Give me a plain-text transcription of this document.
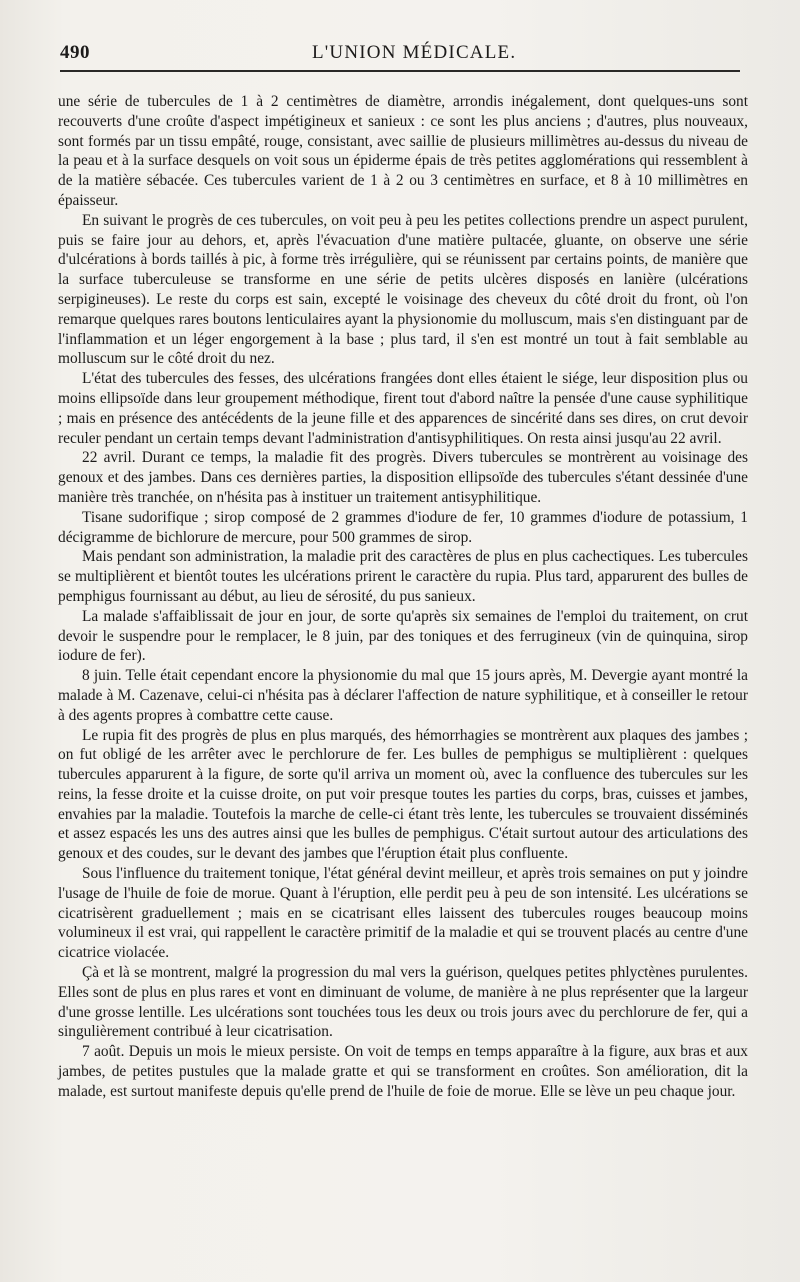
490	L'UNION MÉDICALE.

une série de tubercules de 1 à 2 centimètres de diamètre, arrondis inégalement, dont quelques-uns sont recouverts d'une croûte d'aspect impétigineux et sanieux : ce sont les plus anciens ; d'autres, plus nouveaux, sont formés par un tissu empâté, rouge, consistant, avec saillie de plusieurs millimètres au-dessus du niveau de la peau et à la surface desquels on voit sous un épiderme épais de très petites agglomérations qui ressemblent à de la matière sébacée. Ces tubercules varient de 1 à 2 ou 3 centimètres en surface, et 8 à 10 millimètres en épaisseur.

En suivant le progrès de ces tubercules, on voit peu à peu les petites collections prendre un aspect purulent, puis se faire jour au dehors, et, après l'évacuation d'une matière pultacée, gluante, on observe une série d'ulcérations à bords taillés à pic, à forme très irrégulière, qui se réunissent par certains points, de manière que la surface tuberculeuse se transforme en une série de petits ulcères disposés en lanière (ulcérations serpigineuses). Le reste du corps est sain, excepté le voisinage des cheveux du côté droit du front, où l'on remarque quelques rares boutons lenticulaires ayant la physionomie du molluscum, mais s'en distinguant par de l'inflammation et un léger engorgement à la base ; plus tard, il s'en est montré un tout à fait semblable au molluscum sur le côté droit du nez.

L'état des tubercules des fesses, des ulcérations frangées dont elles étaient le siége, leur disposition plus ou moins ellipsoïde dans leur groupement méthodique, firent tout d'abord naître la pensée d'une cause syphilitique ; mais en présence des antécédents de la jeune fille et des apparences de sincérité dans ses dires, on crut devoir reculer pendant un certain temps devant l'administration d'antisyphilitiques. On resta ainsi jusqu'au 22 avril.

22 avril. Durant ce temps, la maladie fit des progrès. Divers tubercules se montrèrent au voisinage des genoux et des jambes. Dans ces dernières parties, la disposition ellipsoïde des tubercules s'étant dessinée d'une manière très tranchée, on n'hésita pas à instituer un traitement antisyphilitique.

Tisane sudorifique ; sirop composé de 2 grammes d'iodure de fer, 10 grammes d'iodure de potassium, 1 décigramme de bichlorure de mercure, pour 500 grammes de sirop.

Mais pendant son administration, la maladie prit des caractères de plus en plus cachectiques. Les tubercules se multiplièrent et bientôt toutes les ulcérations prirent le caractère du rupia. Plus tard, apparurent des bulles de pemphigus fournissant au début, au lieu de sérosité, du pus sanieux.

La malade s'affaiblissait de jour en jour, de sorte qu'après six semaines de l'emploi du traitement, on crut devoir le suspendre pour le remplacer, le 8 juin, par des toniques et des ferrugineux (vin de quinquina, sirop iodure de fer).

8 juin. Telle était cependant encore la physionomie du mal que 15 jours après, M. Devergie ayant montré la malade à M. Cazenave, celui-ci n'hésita pas à déclarer l'affection de nature syphilitique, et à conseiller le retour à des agents propres à combattre cette cause.

Le rupia fit des progrès de plus en plus marqués, des hémorrhagies se montrèrent aux plaques des jambes ; on fut obligé de les arrêter avec le perchlorure de fer. Les bulles de pemphigus se multiplièrent : quelques tubercules apparurent à la figure, de sorte qu'il arriva un moment où, avec la confluence des tubercules sur les reins, la fesse droite et la cuisse droite, on put voir presque toutes les parties du corps, bras, cuisses et jambes, envahies par la maladie. Toutefois la marche de celle-ci étant très lente, les tubercules se trouvaient disséminés et assez espacés les uns des autres ainsi que les bulles de pemphigus. C'était surtout autour des articulations des genoux et des coudes, sur le devant des jambes que l'éruption était plus confluente.

Sous l'influence du traitement tonique, l'état général devint meilleur, et après trois semaines on put y joindre l'usage de l'huile de foie de morue. Quant à l'éruption, elle perdit peu à peu de son intensité. Les ulcérations se cicatrisèrent graduellement ; mais en se cicatrisant elles laissent des tubercules rouges beaucoup moins volumineux il est vrai, qui rappellent le caractère primitif de la maladie et qui se trouvent placés au centre d'une cicatrice violacée.

Çà et là se montrent, malgré la progression du mal vers la guérison, quelques petites phlyctènes purulentes. Elles sont de plus en plus rares et vont en diminuant de volume, de manière à ne plus représenter que la largeur d'une grosse lentille. Les ulcérations sont touchées tous les deux ou trois jours avec du perchlorure de fer, qui a singulièrement contribué à leur cicatrisation.

7 août. Depuis un mois le mieux persiste. On voit de temps en temps apparaître à la figure, aux bras et aux jambes, de petites pustules que la malade gratte et qui se transforment en croûtes. Son amélioration, dit la malade, est surtout manifeste depuis qu'elle prend de l'huile de foie de morue. Elle se lève un peu chaque jour.
